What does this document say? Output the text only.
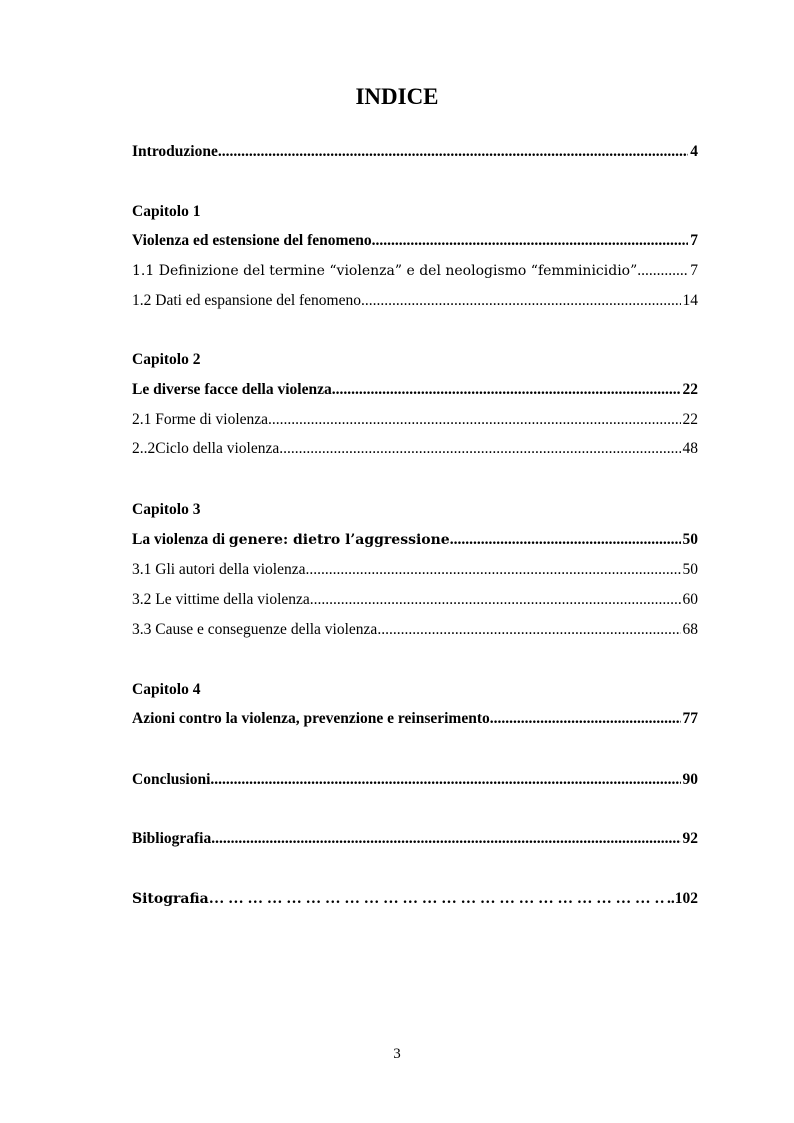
INDICE
Introduzione .....	4
Capitolo 1
Violenza ed estensione del fenomeno .....	7
1.1 Definizione del termine “violenza” e del neologismo “femminicidio” .....	7
1.2 Dati ed espansione del fenomeno .....	14
Capitolo 2
Le diverse facce della violenza .....	22
2.1 Forme di violenza .....	22
2..2Ciclo della violenza .....	48
Capitolo 3
La violenza di genere: dietro l’aggressione .....	50
3.1 Gli autori della violenza .....	50
3.2 Le vittime della violenza .....	60
3.3 Cause e conseguenze della violenza .....	68
Capitolo 4
Azioni contro la violenza, prevenzione e reinserimento .....	77
Conclusioni .....	90
Bibliografia .....	92
Sitografia … … … … … … … … … … … … … … … … … … … … … … … … … … … … … … … … … … … … … … … … … … … … … … … … … … …	..102
3
